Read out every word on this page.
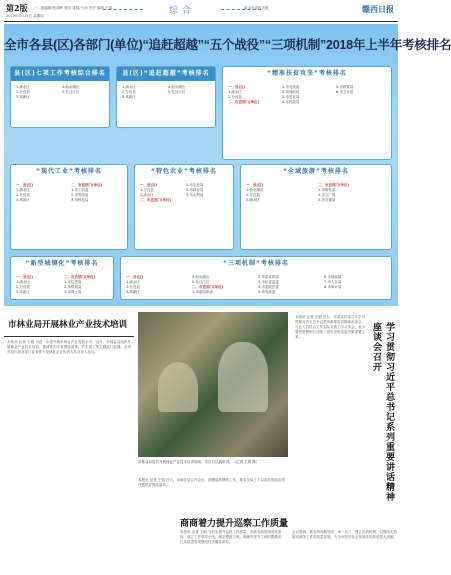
第2版 一二版编辑/张丽晖 校对 排版/王润 责任 编辑 王娟
2019年8月15日 星期四	综合	新余市委机关报	赣西日报
全市各县(区)各部门(单位)“追赶超越”“五个战役”“三项机制”2018年上半年考核排名
县(区)七项工作考核综合排名
1.渝水区
2.分宜县
3.高新区
4.仙女湖区
5.孔目江区
县(区)“追赶超越”考核排名
1.渝水区
2.分宜县
3.高新区
4.仙女湖区
5.孔目江区
“精准扶贫攻坚”考核排名
一、县(区)
1.渝水区
2.分宜县
二、市直部门(单位)
1.市发改委
2.市财政局
3.市农业局
4.市民政局
5.市教育局
6.市卫计委
“现代工业”考核排名
一、县(区)
1.渝水区
2.分宜县
3.高新区
二、市直部门(单位)
1.市工信委
2.市发改委
3.市科技局
“特色农业”考核排名
一、县(区)
1.分宜县
2.渝水区
二、市直部门(单位)
1.市农业局
2.市林业局
3.市水利局
“全域旅游”考核排名
一、县(区)
1.仙女湖区
2.分宜县
3.渝水区
二、市直部门(单位)
1.市旅发委
2.市文广局
3.市交通局
“新型城镇化”考核排名
一、县(区)
1.渝水区
2.分宜县
3.高新区
二、市直部门(单位)
1.市住建局
2.市规划局
3.市国土局
“三项机制”考核排名
一、县(区)
1.渝水区
2.分宜县
3.高新区
4.仙女湖区
5.孔目江区
二、市直部门(单位)
1.市委组织部
2.市委宣传部
3.市纪委监委
4.市委政法委
5.市发改委
6.市财政局
7.市人社局
8.市审计局
市林业局开展林业产业技术培训
本报讯 记者 王娟 为进一步提升我市林业产业发展水平，近日，市林业局组织开展林业产业技术培训，邀请省内专家围绕油茶、竹木加工等主题进行授课，全市各县区林业部门业务骨干及林业企业负责人共百余人参加。
市林业局组织开展林业产业技术培训现场，学员们认真听讲。（记者 王娟 摄）
本报讯 记者 王娟 近日，市商务局召开会议，部署巡察整改工作，要求全局上下以高度的政治责任感抓好整改落实。
本报讯 记者 王娟 近日，市委宣传部召开学习贯彻习近平总书记系列重要讲话精神座谈会，与会人员结合工作实际交流了学习体会，表示要把思想和行动统一到中央和省委决策部署上来。	学习贯彻习近平总书记系列重要讲话精神座谈会召开
商商着力提升巡察工作质量
本报讯 记者 王娟 为切实提升巡察工作质量，市商务局党组高度重视，成立工作领导小组，制定整改方案，明确责任分工和时限要求，扎实推进各项整改任务落实到位。
会议强调，要坚持问题导向，举一反三，建立长效机制，以整改实效推动商务工作高质量发展，为全市经济社会发展作出新的更大贡献。
